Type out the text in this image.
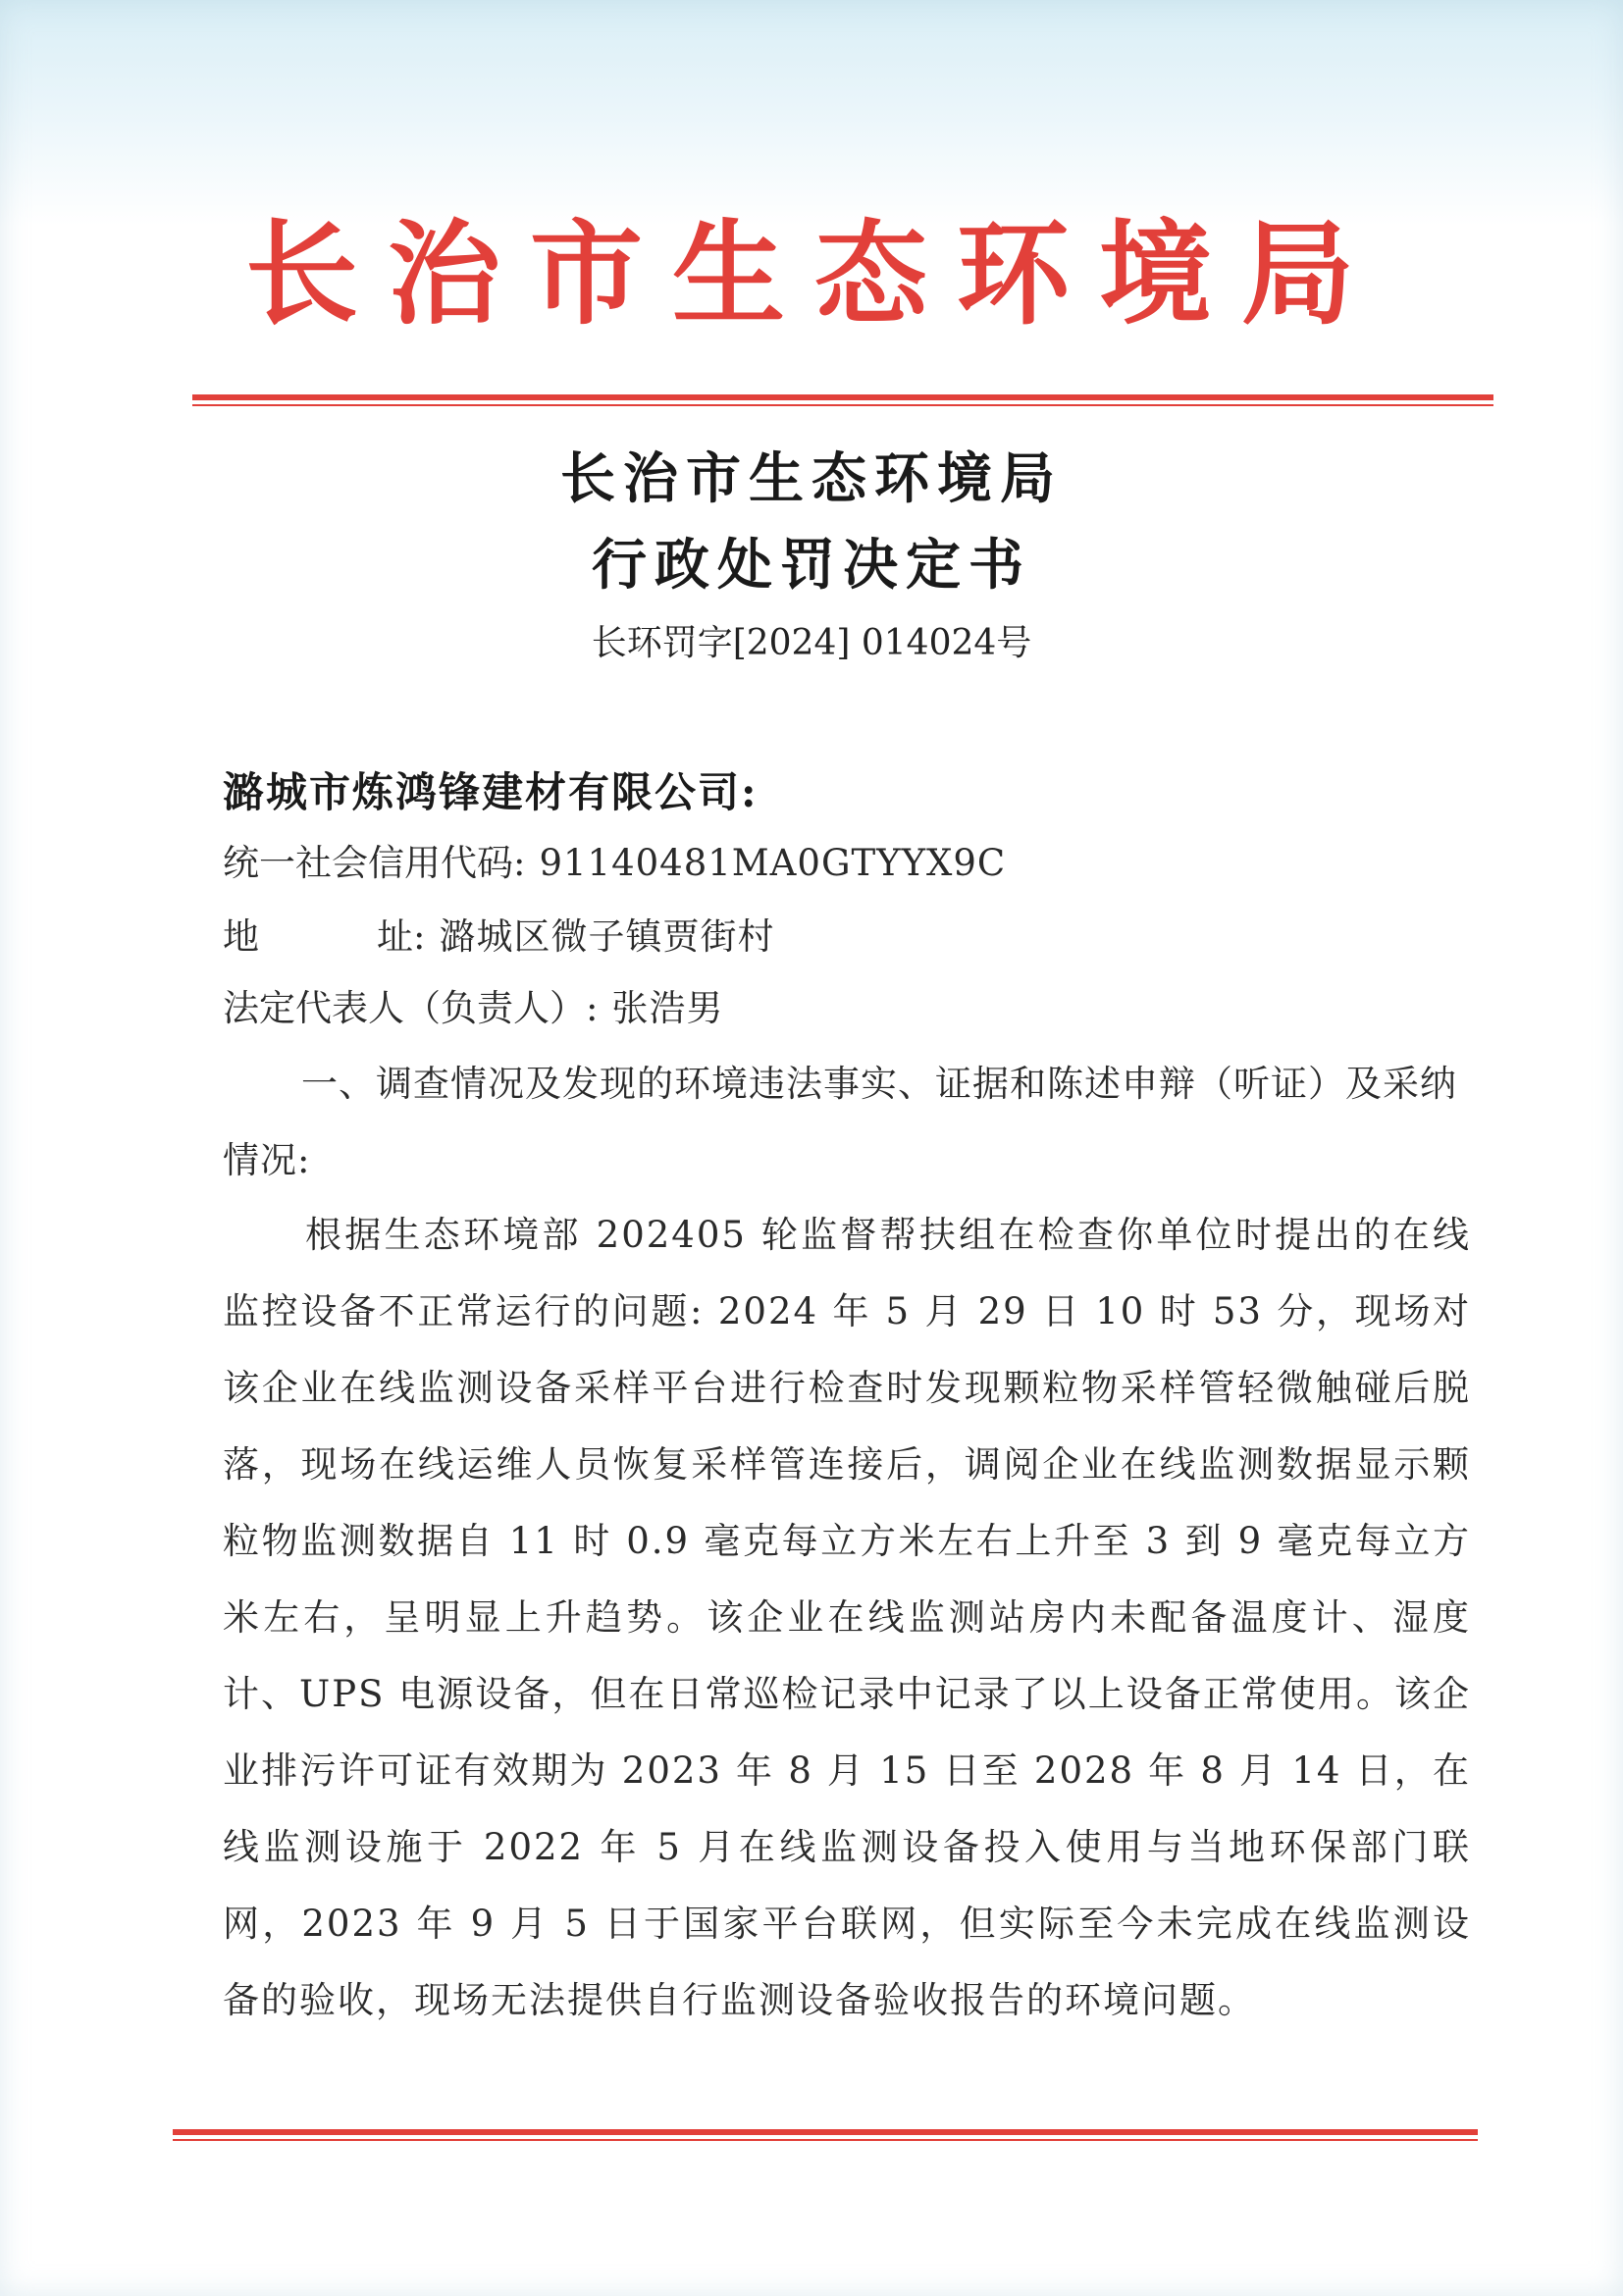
长治市生态环境局
长治市生态环境局
行政处罚决定书
长环罚字[2024] 014024号
潞城市炼鸿锋建材有限公司:
统一社会信用代码: 91140481MA0GTYYX9C
地	址: 潞城区微子镇贾街村
法定代表人（负责人）: 张浩男
一、调查情况及发现的环境违法事实、证据和陈述申辩（听证）及采纳情况:
根据生态环境部 202405 轮监督帮扶组在检查你单位时提出的在线监控设备不正常运行的问题: 2024 年 5 月 29 日 10 时 53 分，现场对该企业在线监测设备采样平台进行检查时发现颗粒物采样管轻微触碰后脱落，现场在线运维人员恢复采样管连接后，调阅企业在线监测数据显示颗粒物监测数据自 11 时 0.9 毫克每立方米左右上升至 3 到 9 毫克每立方米左右，呈明显上升趋势。该企业在线监测站房内未配备温度计、湿度计、UPS 电源设备，但在日常巡检记录中记录了以上设备正常使用。该企业排污许可证有效期为 2023 年 8 月 15 日至 2028 年 8 月 14 日，在线监测设施于 2022 年 5 月在线监测设备投入使用与当地环保部门联网，2023 年 9 月 5 日于国家平台联网，但实际至今未完成在线监测设备的验收，现场无法提供自行监测设备验收报告的环境问题。
